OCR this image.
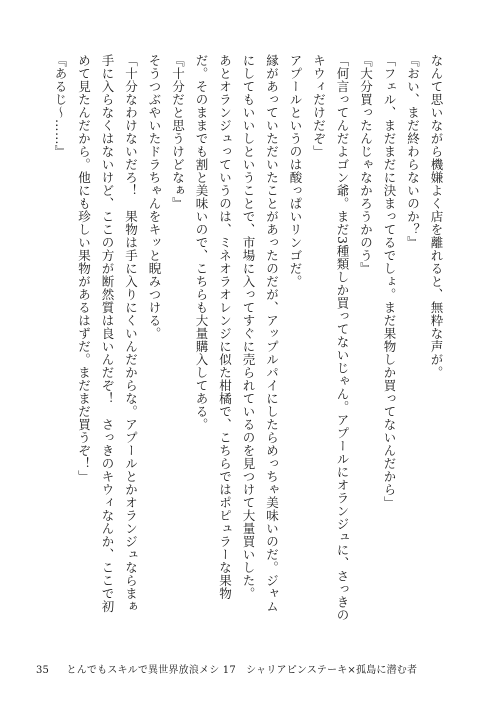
なんて思いながら機嫌よく店を離れると、無粋な声が。
『おい、まだ終わらないのか？』
「フェル、まだまだに決まってるでしょ。まだ果物しか買ってないんだから」
『大分買ったんじゃなかろうかのう』
「何言ってんだよゴン爺。まだ3種類しか買ってないじゃん。アプールにオランジュに、さっきのキウィだけだぞ」
アプールというのは酸っぱいリンゴだ。
縁があっていただいたことがあったのだが、アップルパイにしたらめっちゃ美味いのだ。ジャムにしてもいいしということで、市場に入ってすぐに売られているのを見つけて大量買いした。
あとオランジュっていうのは、ミネオラオレンジに似た柑橘で、こちらではポピュラーな果物だ。そのままでも割と美味いので、こちらも大量購入してある。
『十分だと思うけどなぁ』
そうつぶやいたドラちゃんをキッと睨みつける。
「十分なわけないだろ！　果物は手に入りにくいんだからな。アプールとかオランジュならまぁ手に入らなくはないけど、ここの方が断然質は良いんだぞ！　さっきのキウィなんか、ここで初めて見たんだから。他にも珍しい果物があるはずだ。まだまだ買うぞ！」
『あるじ〜……』
35 とんでもスキルで異世界放浪メシ 17　シャリアピンステーキ×孤島に潜む者
